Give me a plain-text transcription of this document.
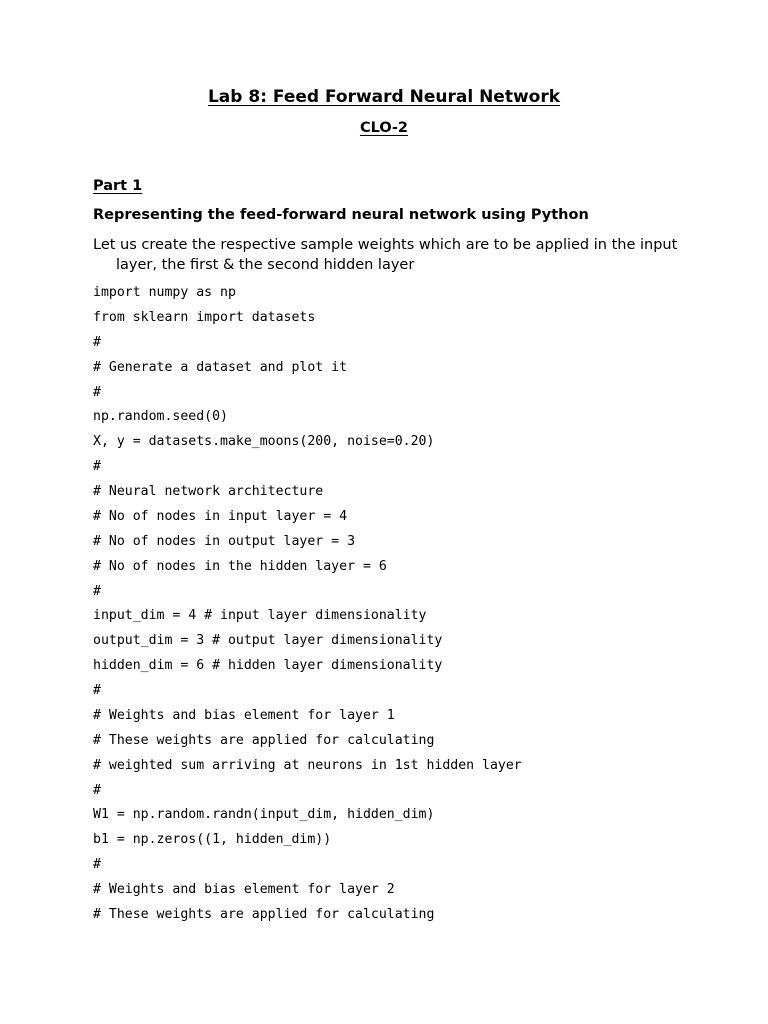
Lab 8: Feed Forward Neural Network
CLO-2
Part 1
Representing the feed-forward neural network using Python
Let us create the respective sample weights which are to be applied in the input layer, the first & the second hidden layer
import numpy as np
from sklearn import datasets
#
# Generate a dataset and plot it
#
np.random.seed(0)
X, y = datasets.make_moons(200, noise=0.20)
#
# Neural network architecture
# No of nodes in input layer = 4
# No of nodes in output layer = 3
# No of nodes in the hidden layer = 6
#
input_dim = 4 # input layer dimensionality
output_dim = 3 # output layer dimensionality
hidden_dim = 6 # hidden layer dimensionality
#
# Weights and bias element for layer 1
# These weights are applied for calculating
# weighted sum arriving at neurons in 1st hidden layer
#
W1 = np.random.randn(input_dim, hidden_dim)
b1 = np.zeros((1, hidden_dim))
#
# Weights and bias element for layer 2
# These weights are applied for calculating
